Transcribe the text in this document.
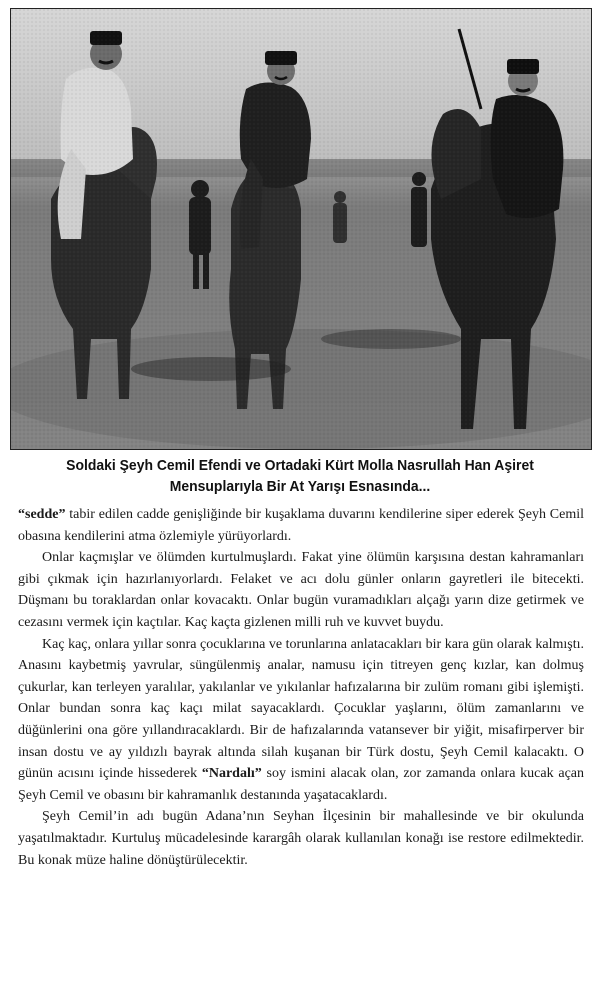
Soldaki Şeyh Cemil Efendi ve Ortadaki Kürt Molla Nasrullah Han Aşiret
Mensuplarıyla Bir At Yarışı Esnasında...

“sedde” tabir edilen cadde genişliğinde bir kuşaklama duvarını kendilerine siper ederek Şeyh Cemil obasına kendilerini atma özlemiyle yürüyorlardı.

Onlar kaçmışlar ve ölümden kurtulmuşlardı. Fakat yine ölümün karşısına destan kahramanları gibi çıkmak için hazırlanıyorlardı. Felaket ve acı dolu günler onların gayretleri ile bitecekti. Düşmanı bu toraklardan onlar kovacaktı. Onlar bugün vuramadıkları alçağı yarın dize getirmek ve cezasını vermek için kaçtılar. Kaç kaçta gizlenen milli ruh ve kuvvet buydu.

Kaç kaç, onlara yıllar sonra çocuklarına ve torunlarına anlatacakları bir kara gün olarak kalmıştı. Anasını kaybetmiş yavrular, süngülenmiş analar, namusu için titreyen genç kızlar, kan dolmuş çukurlar, kan terleyen yaralılar, yakılanlar ve yıkılanlar hafızalarına bir zulüm romanı gibi işlemişti. Onlar bundan sonra kaç kaçı milat sayacaklardı. Çocuklar yaşlarını, ölüm zamanlarını ve düğünlerini ona göre yıllandıracaklardı. Bir de hafızalarında vatansever bir yiğit, misafirperver bir insan dostu ve ay yıldızlı bayrak altında silah kuşanan bir Türk dostu, Şeyh Cemil kalacaktı. O günün acısını içinde hissederek “Nardalı” soy ismini alacak olan, zor zamanda onlara kucak açan Şeyh Cemil ve obasını bir kahramanlık destanında yaşatacaklardı.

Şeyh Cemil’in adı bugün Adana’nın Seyhan İlçesinin bir mahallesinde ve bir okulunda yaşatılmaktadır. Kurtuluş mücadelesinde karargâh olarak kullanılan konağı ise restore edilmektedir. Bu konak müze haline dönüştürülecektir.
